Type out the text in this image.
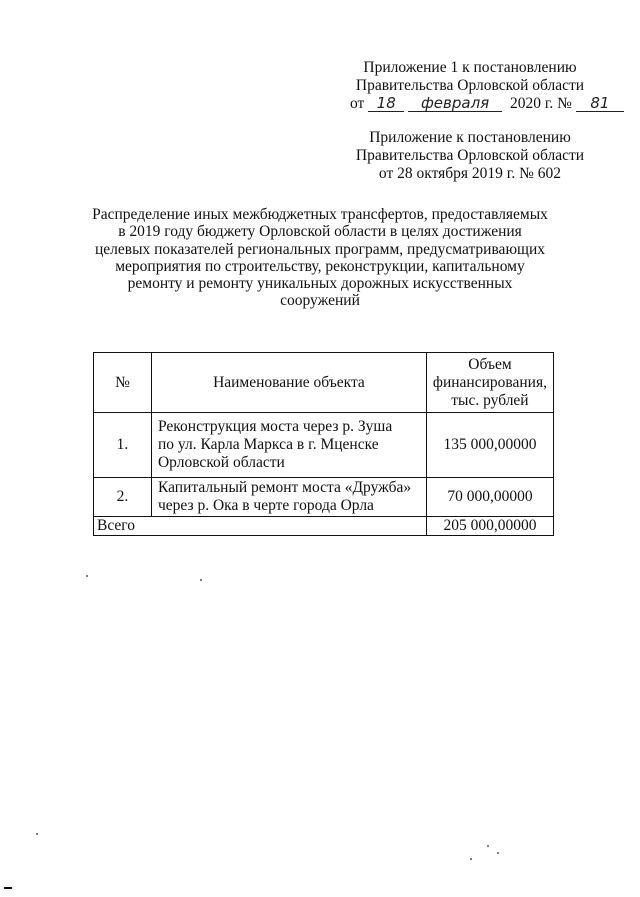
Приложение 1 к постановлению
Правительства Орловской области
от 18 февраля 2020 г. № 81
Приложение к постановлению
Правительства Орловской области
от 28 октября 2019 г. № 602
Распределение иных межбюджетных трансфертов, предоставляемых
в 2019 году бюджету Орловской области в целях достижения
целевых показателей региональных программ, предусматривающих
мероприятия по строительству, реконструкции, капитальному
ремонту и ремонту уникальных дорожных искусственных
сооружений
№	Наименование объекта	Объем
финансирования,
тыс. рублей

1.	Реконструкция моста через р. Зуша
по ул. Карла Маркса в г. Мценске
Орловской области	135 000,00000
2.	Капитальный ремонт моста «Дружба»
через р. Ока в черте города Орла	70 000,00000
Всего		205 000,00000
